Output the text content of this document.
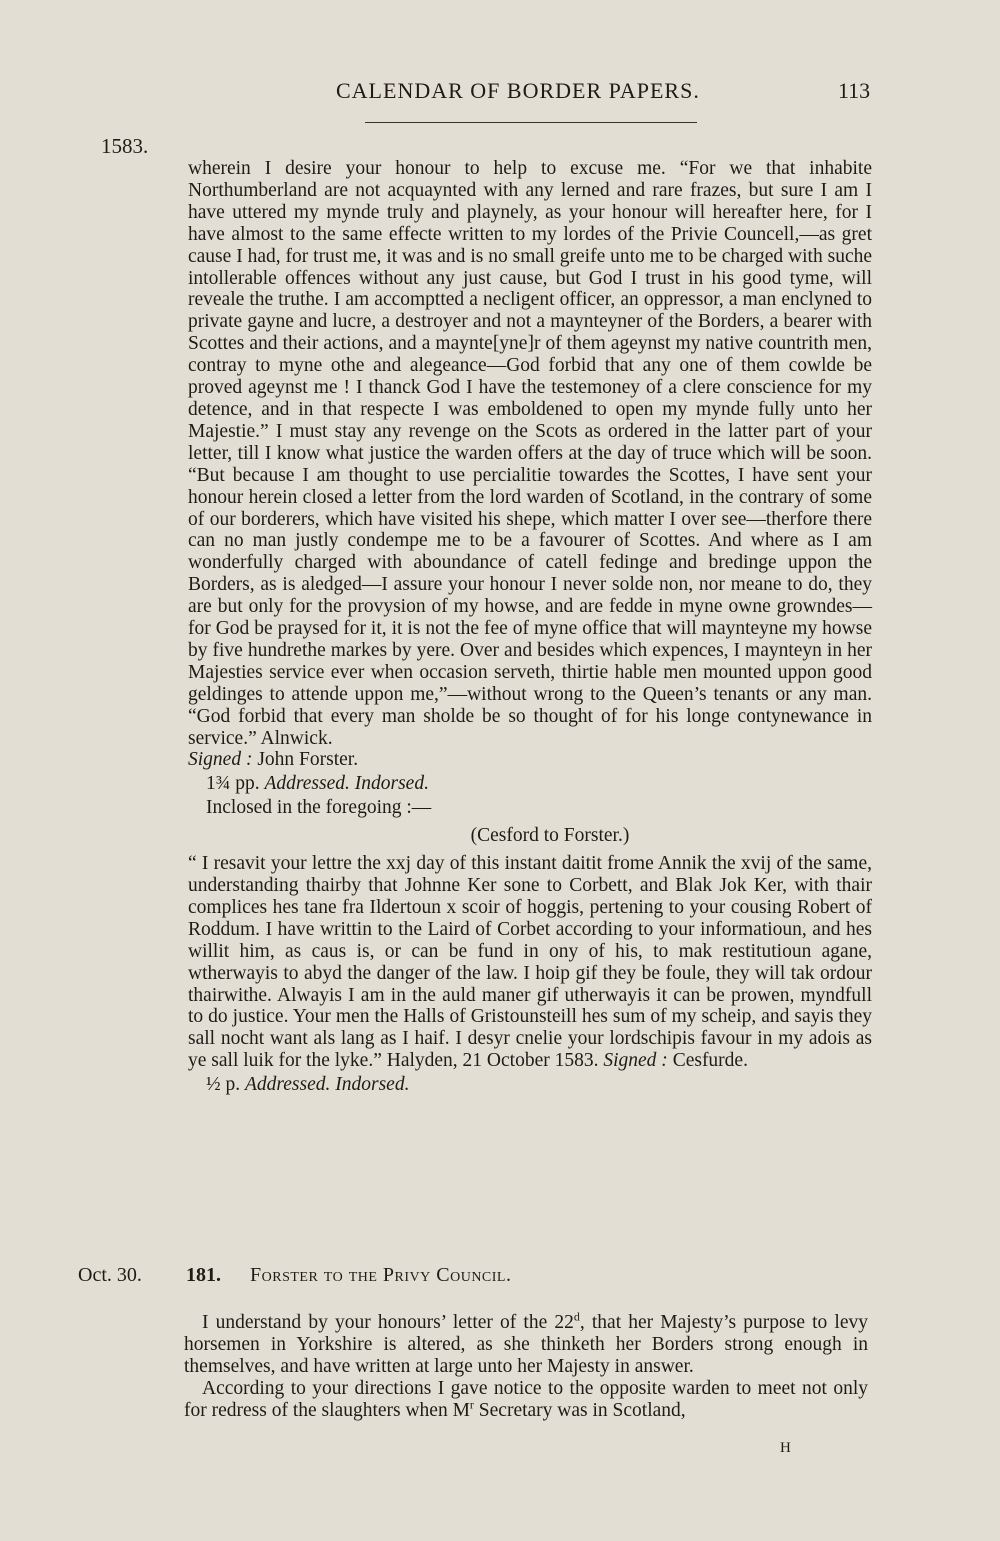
CALENDAR OF BORDER PAPERS.	113
1583.

wherein I desire your honour to help to excuse me. “For we that inhabite Northumberland are not acquaynted with any lerned and rare frazes, but sure I am I have uttered my mynde truly and playnely, as your honour will hereafter here, for I have almost to the same effecte written to my lordes of the Privie Councell,—as gret cause I had, for trust me, it was and is no small greife unto me to be charged with suche intollerable offences without any just cause, but God I trust in his good tyme, will reveale the truthe. I am accomptted a necligent officer, an oppressor, a man enclyned to private gayne and lucre, a destroyer and not a maynteyner of the Borders, a bearer with Scottes and their actions, and a maynte[yne]r of them ageynst my native countrith men, contray to myne othe and alegeance—God forbid that any one of them cowlde be proved ageynst me ! I thanck God I have the testemoney of a clere conscience for my detence, and in that respecte I was emboldened to open my mynde fully unto her Majestie.” I must stay any revenge on the Scots as ordered in the latter part of your letter, till I know what justice the warden offers at the day of truce which will be soon. “But because I am thought to use percialitie towardes the Scottes, I have sent your honour herein closed a letter from the lord warden of Scotland, in the contrary of some of our borderers, which have visited his shepe, which matter I over see—therfore there can no man justly condempe me to be a favourer of Scottes. And where as I am wonderfully charged with aboundance of catell fedinge and bredinge uppon the Borders, as is aledged—I assure your honour I never solde non, nor meane to do, they are but only for the provysion of my howse, and are fedde in myne owne growndes—for God be praysed for it, it is not the fee of myne office that will maynteyne my howse by five hundrethe markes by yere. Over and besides which expences, I maynteyn in her Majesties service ever when occasion serveth, thirtie hable men mounted uppon good geldinges to attende uppon me,”—without wrong to the Queen’s tenants or any man. “God forbid that every man sholde be so thought of for his longe contynewance in service.” Alnwick.

Signed : John Forster.

1¾ pp. Addressed. Indorsed.

Inclosed in the foregoing :—

(Cesford to Forster.)

“ I resavit your lettre the xxj day of this instant daitit frome Annik the xvij of the same, understanding thairby that Johnne Ker sone to Corbett, and Blak Jok Ker, with thair complices hes tane fra Ildertoun x scoir of hoggis, pertening to your cousing Robert of Roddum. I have writtin to the Laird of Corbet according to your informatioun, and hes willit him, as caus is, or can be fund in ony of his, to mak restitutioun agane, wtherwayis to abyd the danger of the law. I hoip gif they be foule, they will tak ordour thairwithe. Alwayis I am in the auld maner gif utherwayis it can be prowen, myndfull to do justice. Your men the Halls of Gristounsteill hes sum of my scheip, and sayis they sall nocht want als lang as I haif. I desyr cnelie your lordschipis favour in my adois as ye sall luik for the lyke.” Halyden, 21 October 1583. Signed : Cesfurde.

½ p. Addressed. Indorsed.

Oct. 30. 181. Forster to the Privy Council.

I understand by your honours’ letter of the 22$^d$, that her Majesty’s purpose to levy horsemen in Yorkshire is altered, as she thinketh her Borders strong enough in themselves, and have written at large unto her Majesty in answer.

According to your directions I gave notice to the opposite warden to meet not only for redress of the slaughters when $M^r$ Secretary was in Scotland,

H
